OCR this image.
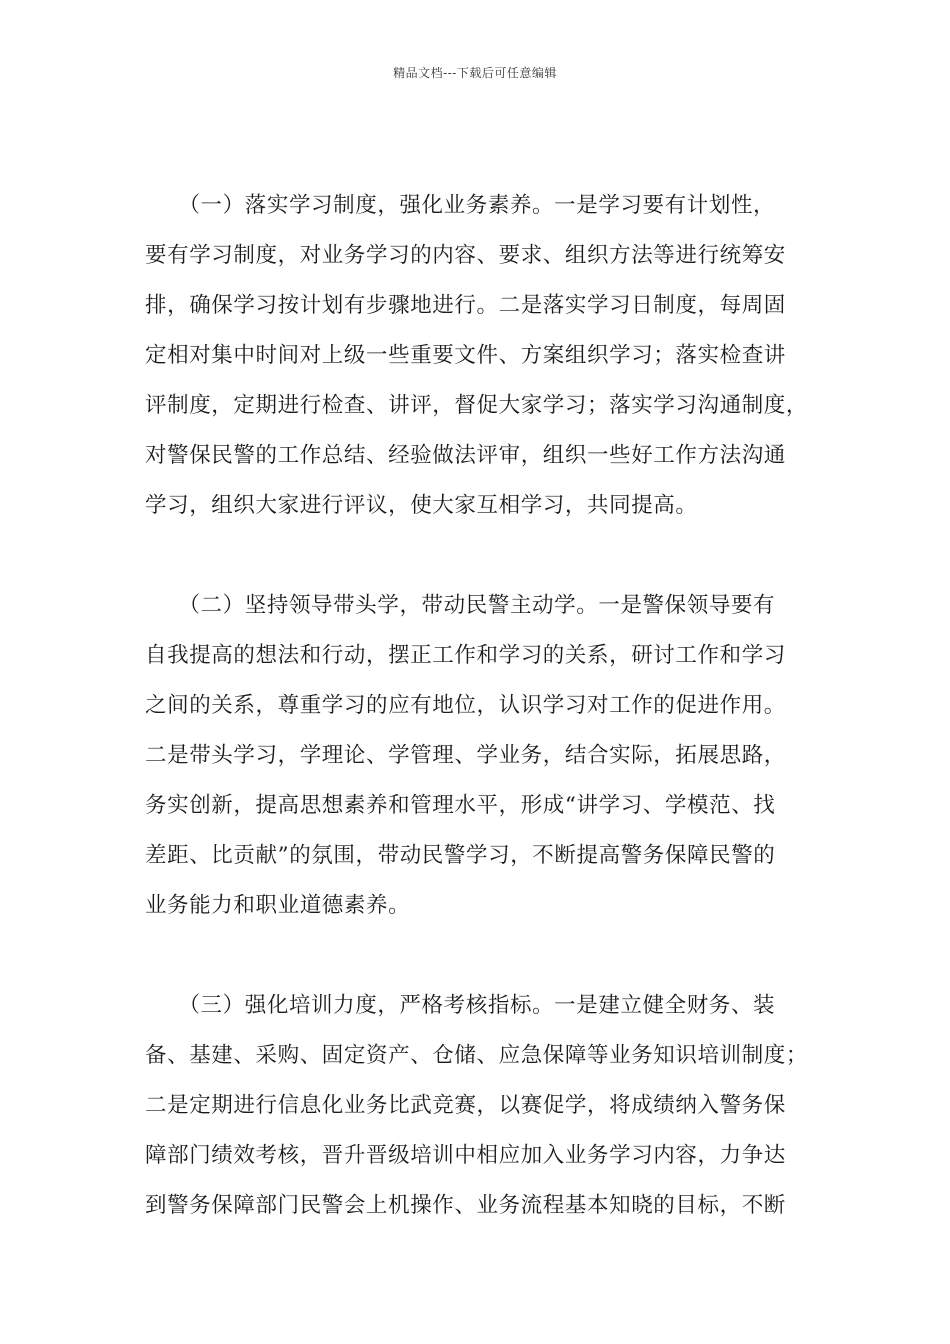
精品文档---下载后可任意编辑
　　（一）落实学习制度，强化业务素养。一是学习要有计划性，
要有学习制度，对业务学习的内容、要求、组织方法等进行统筹安
排，确保学习按计划有步骤地进行。二是落实学习日制度，每周固
定相对集中时间对上级一些重要文件、方案组织学习；落实检查讲
评制度，定期进行检查、讲评，督促大家学习；落实学习沟通制度，
对警保民警的工作总结、经验做法评审，组织一些好工作方法沟通
学习，组织大家进行评议，使大家互相学习，共同提高。
　　（二）坚持领导带头学，带动民警主动学。一是警保领导要有
自我提高的想法和行动，摆正工作和学习的关系，研讨工作和学习
之间的关系，尊重学习的应有地位，认识学习对工作的促进作用。
二是带头学习，学理论、学管理、学业务，结合实际，拓展思路，
务实创新，提高思想素养和管理水平，形成“讲学习、学模范、找
差距、比贡献”的氛围，带动民警学习，不断提高警务保障民警的
业务能力和职业道德素养。
　　（三）强化培训力度，严格考核指标。一是建立健全财务、装
备、基建、采购、固定资产、仓储、应急保障等业务知识培训制度；
二是定期进行信息化业务比武竞赛，以赛促学，将成绩纳入警务保
障部门绩效考核，晋升晋级培训中相应加入业务学习内容，力争达
到警务保障部门民警会上机操作、业务流程基本知晓的目标，不断
